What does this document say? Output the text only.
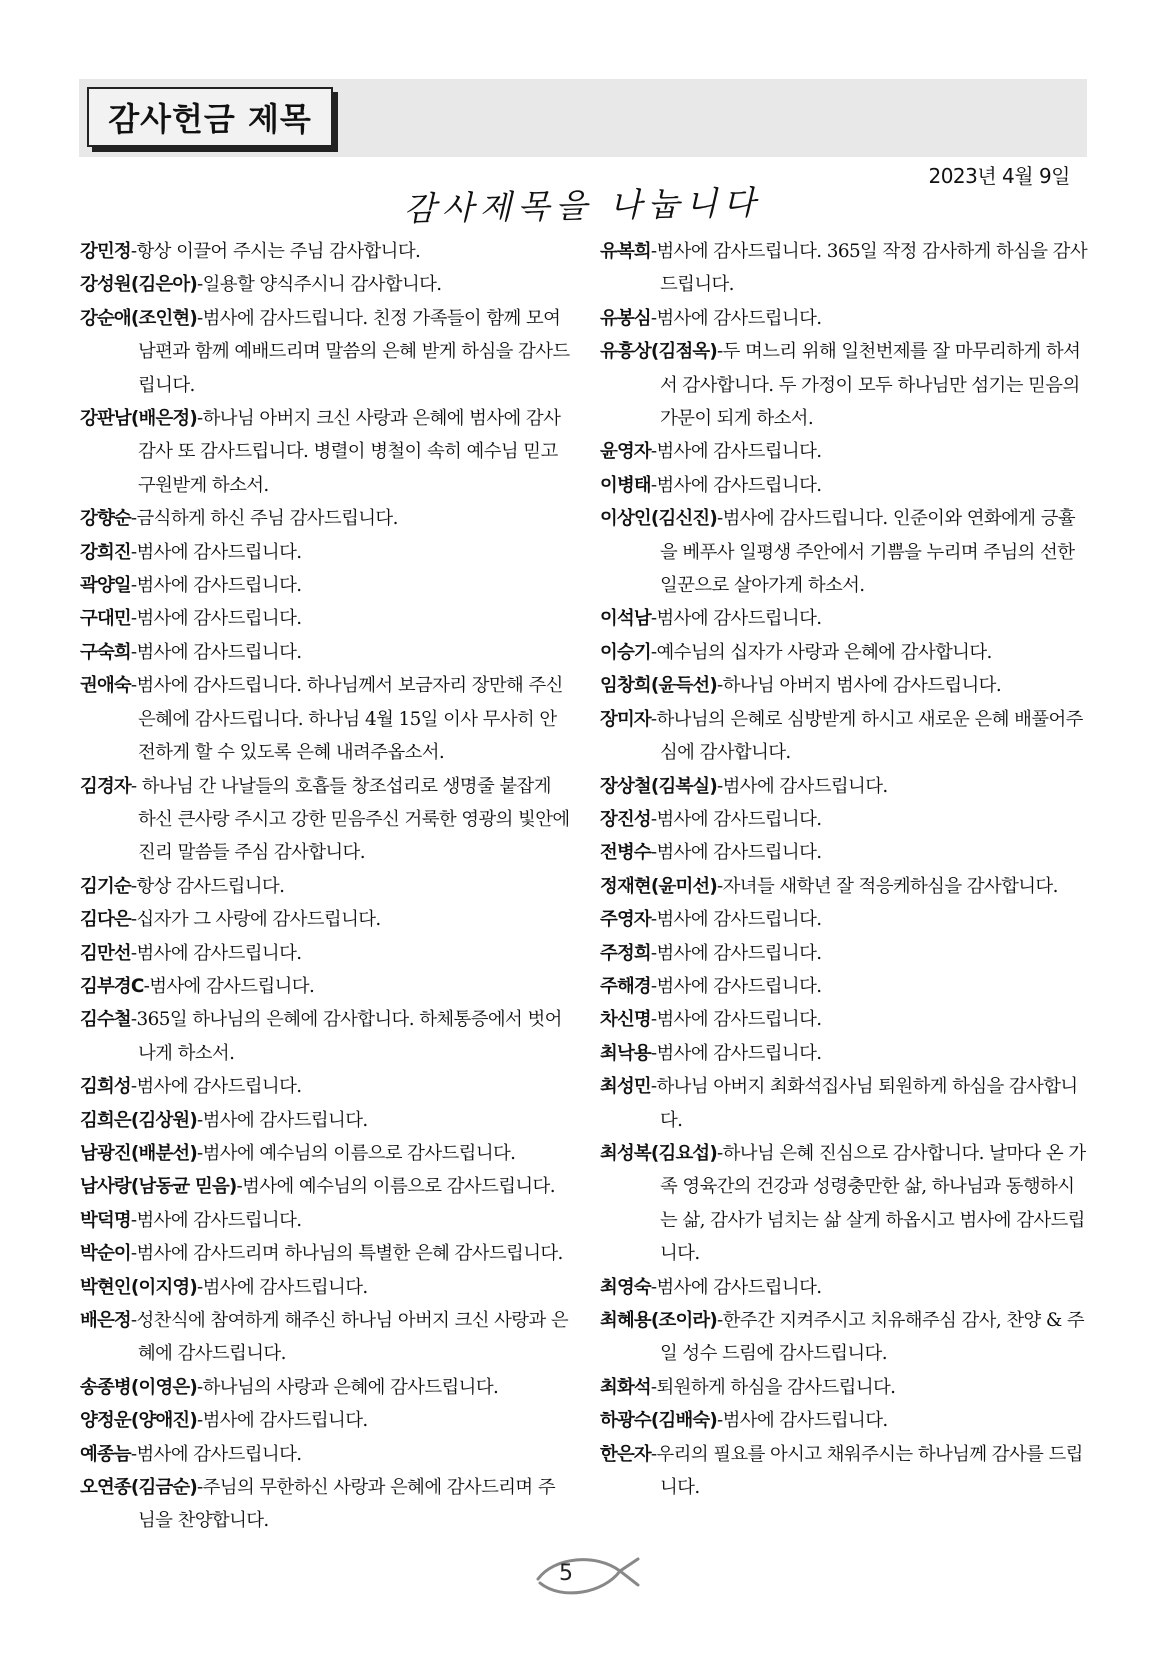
감사헌금 제목
2023년 4월 9일
감사제목을 나눕니다
강민정-항상 이끌어 주시는 주님 감사합니다.
강성원(김은아)-일용할 양식주시니 감사합니다.
강순애(조인현)-범사에 감사드립니다. 친정 가족들이 함께 모여 남편과 함께 예배드리며 말씀의 은혜 받게 하심을 감사드립니다.
강판남(배은정)-하나님 아버지 크신 사랑과 은혜에 범사에 감사 감사 또 감사드립니다. 병렬이 병철이 속히 예수님 믿고 구원받게 하소서.
강향순-금식하게 하신 주님 감사드립니다.
강희진-범사에 감사드립니다.
곽양일-범사에 감사드립니다.
구대민-범사에 감사드립니다.
구숙희-범사에 감사드립니다.
권애숙-범사에 감사드립니다. 하나님께서 보금자리 장만해 주신 은혜에 감사드립니다. 하나님 4월 15일 이사 무사히 안전하게 할 수 있도록 은혜 내려주옵소서.
김경자- 하나님 간 나날들의 호흡들 창조섭리로 생명줄 붙잡게 하신 큰사랑 주시고 강한 믿음주신 거룩한 영광의 빛안에 진리 말씀들 주심 감사합니다.
김기순-항상 감사드립니다.
김다은-십자가 그 사랑에 감사드립니다.
김만선-범사에 감사드립니다.
김부경C-범사에 감사드립니다.
김수철-365일 하나님의 은혜에 감사합니다. 하체통증에서 벗어나게 하소서.
김희성-범사에 감사드립니다.
김희은(김상원)-범사에 감사드립니다.
남광진(배분선)-범사에 예수님의 이름으로 감사드립니다.
남사랑(남동균 믿음)-범사에 예수님의 이름으로 감사드립니다.
박덕명-범사에 감사드립니다.
박순이-범사에 감사드리며 하나님의 특별한 은혜 감사드립니다.
박현인(이지영)-범사에 감사드립니다.
배은정-성찬식에 참여하게 해주신 하나님 아버지 크신 사랑과 은혜에 감사드립니다.
송종병(이영은)-하나님의 사랑과 은혜에 감사드립니다.
양정운(양애진)-범사에 감사드립니다.
예종늠-범사에 감사드립니다.
오연종(김금순)-주님의 무한하신 사랑과 은혜에 감사드리며 주님을 찬양합니다.
유복희-범사에 감사드립니다. 365일 작정 감사하게 하심을 감사드립니다.
유봉심-범사에 감사드립니다.
유흥상(김점옥)-두 며느리 위해 일천번제를 잘 마무리하게 하셔서 감사합니다. 두 가정이 모두 하나님만 섬기는 믿음의 가문이 되게 하소서.
윤영자-범사에 감사드립니다.
이병태-범사에 감사드립니다.
이상인(김신진)-범사에 감사드립니다. 인준이와 연화에게 긍휼을 베푸사 일평생 주안에서 기쁨을 누리며 주님의 선한 일꾼으로 살아가게 하소서.
이석남-범사에 감사드립니다.
이승기-예수님의 십자가 사랑과 은혜에 감사합니다.
임창희(윤득선)-하나님 아버지 범사에 감사드립니다.
장미자-하나님의 은혜로 심방받게 하시고 새로운 은혜 배풀어주심에 감사합니다.
장상철(김복실)-범사에 감사드립니다.
장진성-범사에 감사드립니다.
전병수-범사에 감사드립니다.
정재현(윤미선)-자녀들 새학년 잘 적응케하심을 감사합니다.
주영자-범사에 감사드립니다.
주정희-범사에 감사드립니다.
주해경-범사에 감사드립니다.
차신명-범사에 감사드립니다.
최낙용-범사에 감사드립니다.
최성민-하나님 아버지 최화석집사님 퇴원하게 하심을 감사합니다.
최성복(김요섭)-하나님 은혜 진심으로 감사합니다. 날마다 온 가족 영육간의 건강과 성령충만한 삶, 하나님과 동행하시는 삶, 감사가 넘치는 삶 살게 하옵시고 범사에 감사드립니다.
최영숙-범사에 감사드립니다.
최혜용(조이라)-한주간 지켜주시고 치유해주심 감사, 찬양 & 주일 성수 드림에 감사드립니다.
최화석-퇴원하게 하심을 감사드립니다.
하광수(김배숙)-범사에 감사드립니다.
한은자-우리의 필요를 아시고 채워주시는 하나님께 감사를 드립니다.
5
